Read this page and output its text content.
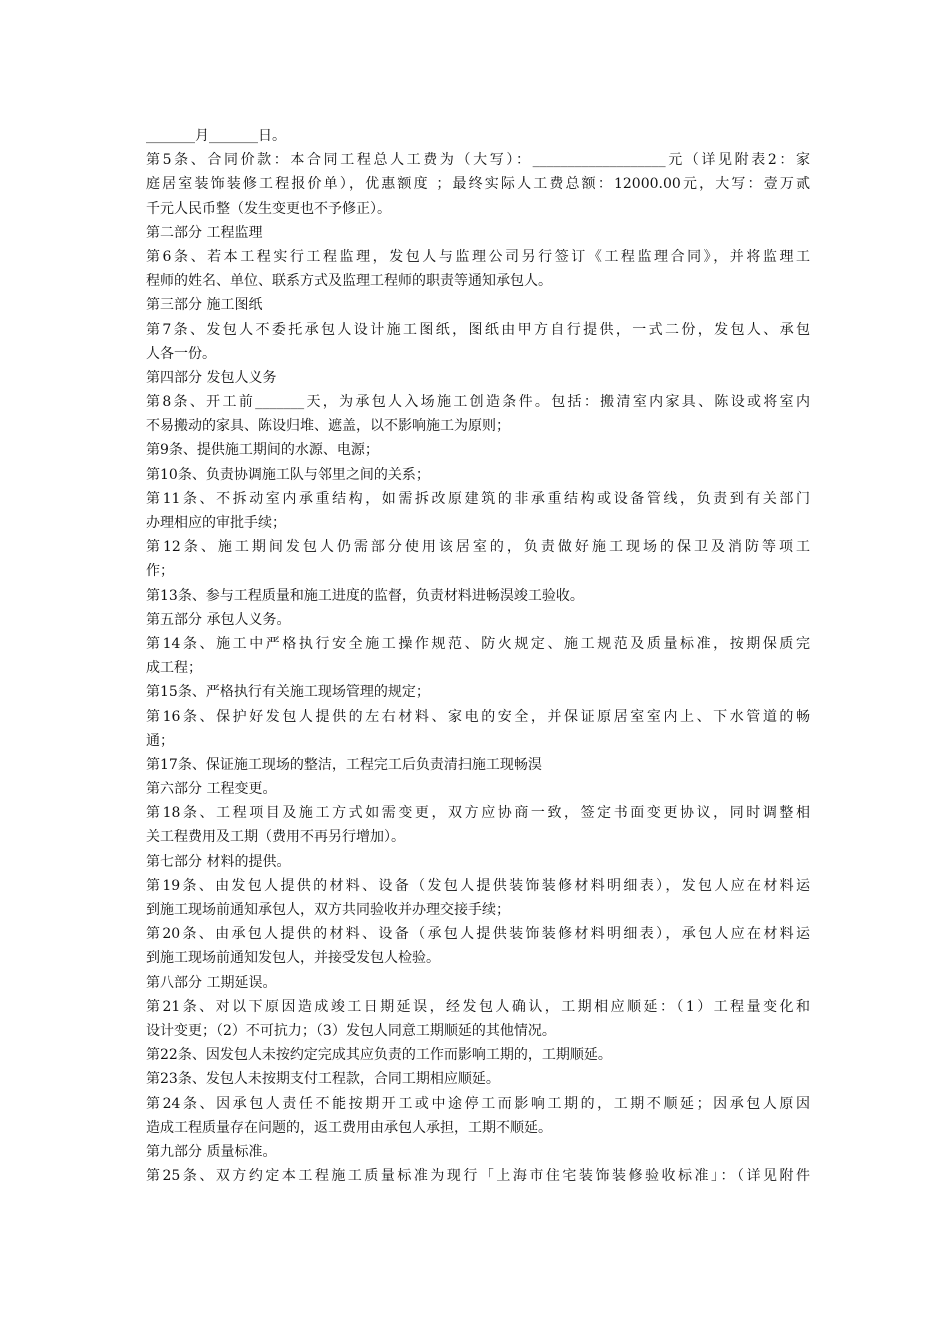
_______月_______日。
第5条、合同价款：本合同工程总人工费为（大写）：___________________元（详见附表2：家
庭居室装饰装修工程报价单），优惠额度 ；最终实际人工费总额：12000.00元，大写：壹万贰
千元人民币整（发生变更也不予修正）。
第二部分 工程监理
第6条、若本工程实行工程监理，发包人与监理公司另行签订《工程监理合同》，并将监理工
程师的姓名、单位、联系方式及监理工程师的职责等通知承包人。
第三部分 施工图纸
第7条、发包人不委托承包人设计施工图纸，图纸由甲方自行提供，一式二份，发包人、承包
人各一份。
第四部分 发包人义务
第8条、开工前_______天，为承包人入场施工创造条件。包括：搬清室内家具、陈设或将室内
不易搬动的家具、陈设归堆、遮盖，以不影响施工为原则；
第9条、提供施工期间的水源、电源；
第10条、负责协调施工队与邻里之间的关系；
第11条、不拆动室内承重结构，如需拆改原建筑的非承重结构或设备管线，负责到有关部门
办理相应的审批手续；
第12条、施工期间发包人仍需部分使用该居室的，负责做好施工现场的保卫及消防等项工
作；
第13条、参与工程质量和施工进度的监督，负责材料进畅淏竣工验收。
第五部分 承包人义务。
第14条、施工中严格执行安全施工操作规范、防火规定、施工规范及质量标准，按期保质完
成工程；
第15条、严格执行有关施工现场管理的规定；
第16条、保护好发包人提供的左右材料、家电的安全，并保证原居室室内上、下水管道的畅
通；
第17条、保证施工现场的整洁，工程完工后负责清扫施工现畅淏
第六部分 工程变更。
第18条、工程项目及施工方式如需变更，双方应协商一致，签定书面变更协议，同时调整相
关工程费用及工期（费用不再另行增加）。
第七部分 材料的提供。
第19条、由发包人提供的材料、设备（发包人提供装饰装修材料明细表），发包人应在材料运
到施工现场前通知承包人，双方共同验收并办理交接手续；
第20条、由承包人提供的材料、设备（承包人提供装饰装修材料明细表），承包人应在材料运
到施工现场前通知发包人，并接受发包人检验。
第八部分 工期延误。
第21条、对以下原因造成竣工日期延误，经发包人确认，工期相应顺延：（1）工程量变化和
设计变更；（2）不可抗力；（3）发包人同意工期顺延的其他情况。
第22条、因发包人未按约定完成其应负责的工作而影响工期的，工期顺延。
第23条、发包人未按期支付工程款，合同工期相应顺延。
第24条、因承包人责任不能按期开工或中途停工而影响工期的，工期不顺延；因承包人原因
造成工程质量存在问题的，返工费用由承包人承担，工期不顺延。
第九部分 质量标准。
第25条、双方约定本工程施工质量标准为现行「上海市住宅装饰装修验收标准」：（详见附件
